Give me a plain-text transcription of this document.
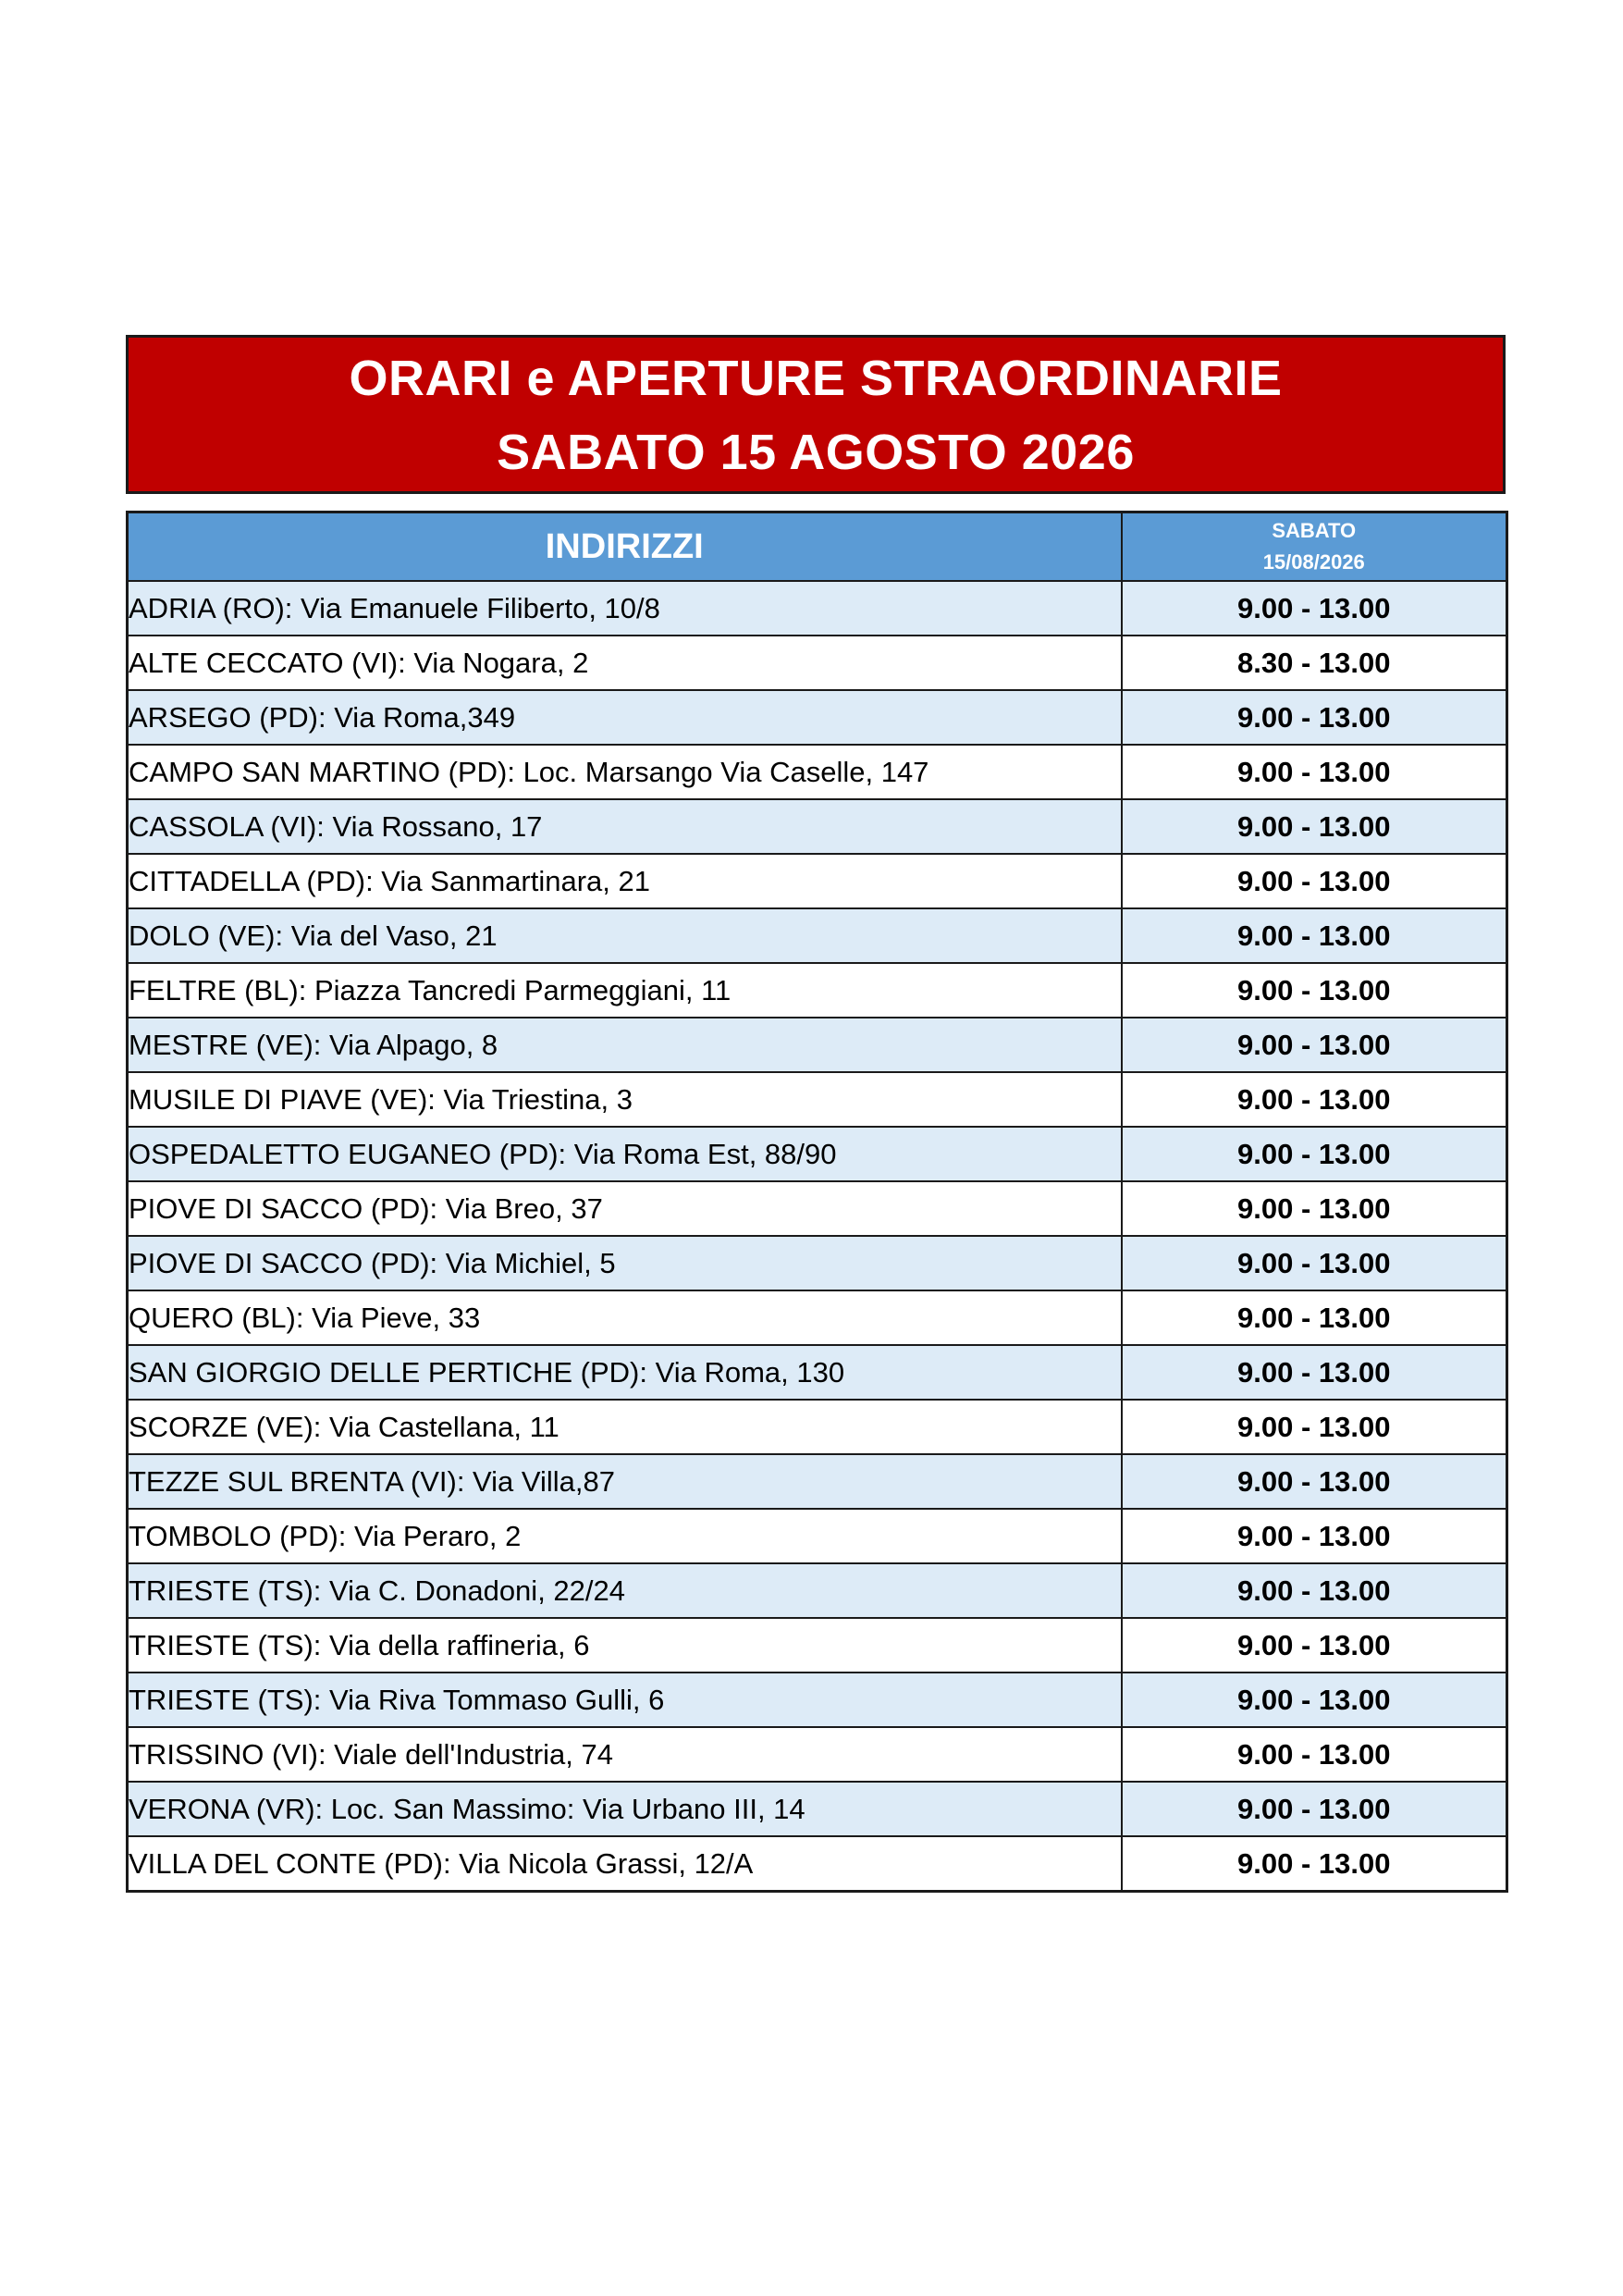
ORARI e APERTURE STRAORDINARIE
SABATO 15 AGOSTO 2026
INDIRIZZI	SABATO
15/08/2026

ADRIA (RO): Via Emanuele Filiberto, 10/8	9.00 - 13.00
ALTE CECCATO (VI): Via Nogara, 2	8.30 - 13.00
ARSEGO (PD): Via Roma,349	9.00 - 13.00
CAMPO SAN MARTINO (PD): Loc. Marsango Via Caselle, 147	9.00 - 13.00
CASSOLA (VI): Via Rossano, 17	9.00 - 13.00
CITTADELLA (PD): Via Sanmartinara, 21	9.00 - 13.00
DOLO (VE): Via del Vaso, 21	9.00 - 13.00
FELTRE (BL): Piazza Tancredi Parmeggiani, 11	9.00 - 13.00
MESTRE (VE): Via Alpago, 8	9.00 - 13.00
MUSILE DI PIAVE (VE): Via Triestina, 3	9.00 - 13.00
OSPEDALETTO EUGANEO (PD): Via Roma Est, 88/90	9.00 - 13.00
PIOVE DI SACCO (PD): Via Breo, 37	9.00 - 13.00
PIOVE DI SACCO (PD): Via Michiel, 5	9.00 - 13.00
QUERO (BL): Via Pieve, 33	9.00 - 13.00
SAN GIORGIO DELLE PERTICHE (PD): Via Roma, 130	9.00 - 13.00
SCORZE (VE): Via Castellana, 11	9.00 - 13.00
TEZZE SUL BRENTA (VI): Via Villa,87	9.00 - 13.00
TOMBOLO (PD): Via Peraro, 2	9.00 - 13.00
TRIESTE (TS): Via C. Donadoni, 22/24	9.00 - 13.00
TRIESTE (TS): Via della raffineria, 6	9.00 - 13.00
TRIESTE (TS): Via Riva Tommaso Gulli, 6	9.00 - 13.00
TRISSINO (VI): Viale dell'Industria, 74	9.00 - 13.00
VERONA (VR): Loc. San Massimo: Via Urbano III, 14	9.00 - 13.00
VILLA DEL CONTE (PD): Via Nicola Grassi, 12/A	9.00 - 13.00
